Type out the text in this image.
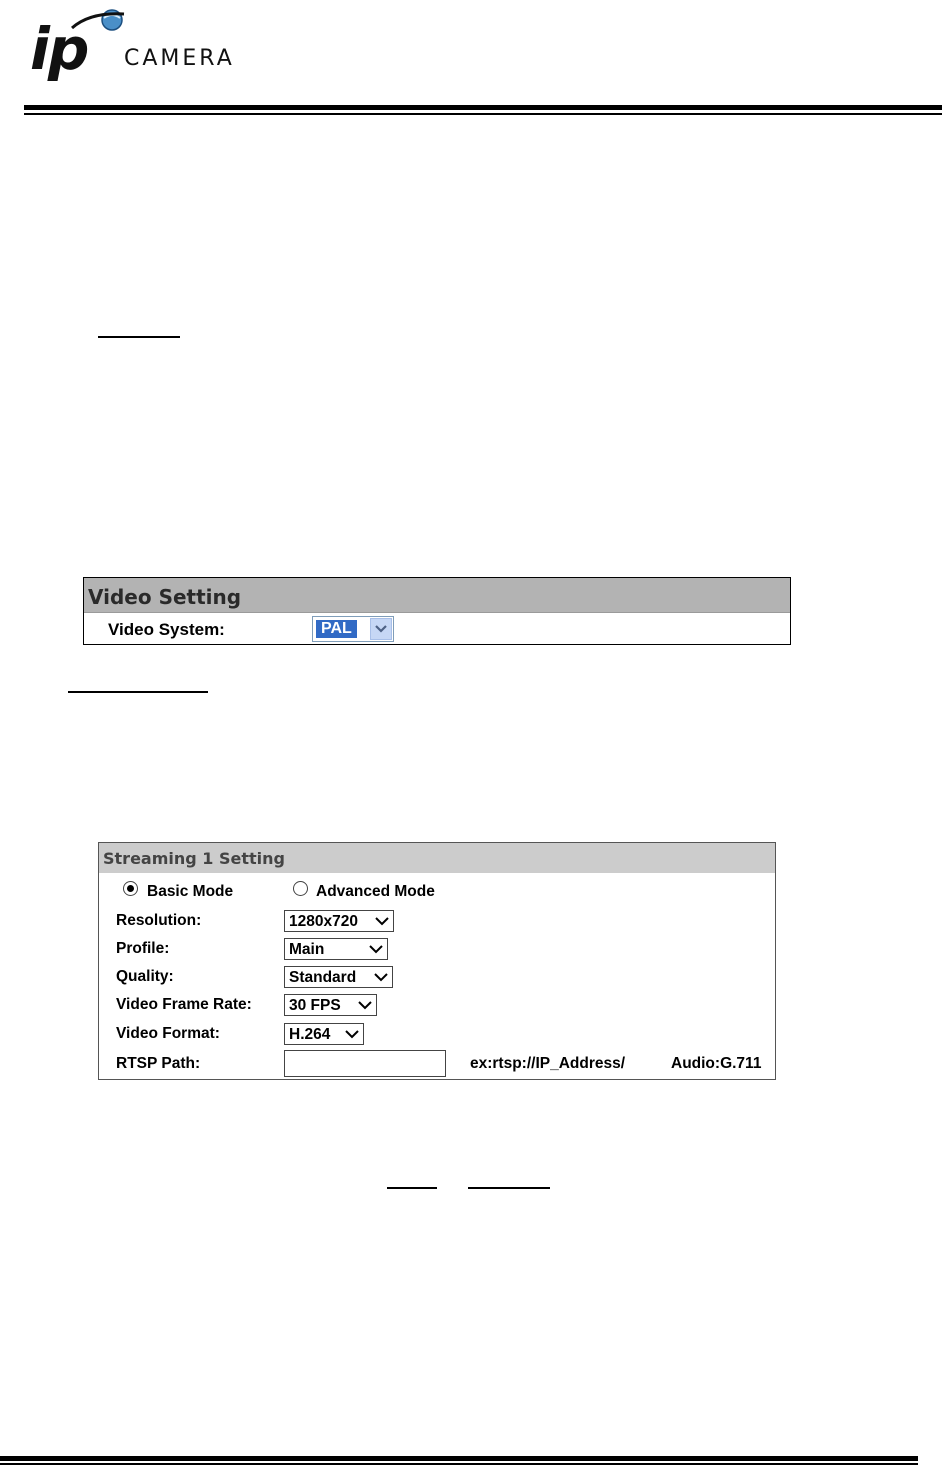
ip CAMERA
Video Setting
Video System:	PAL
Streaming 1 Setting
Basic Mode	Advanced Mode
Resolution:	1280x720
Profile:	Main
Quality:	Standard
Video Frame Rate: 30 FPS
Video Format:	H.264
RTSP Path:	ex:rtsp://IP_Address/	Audio:G.711
